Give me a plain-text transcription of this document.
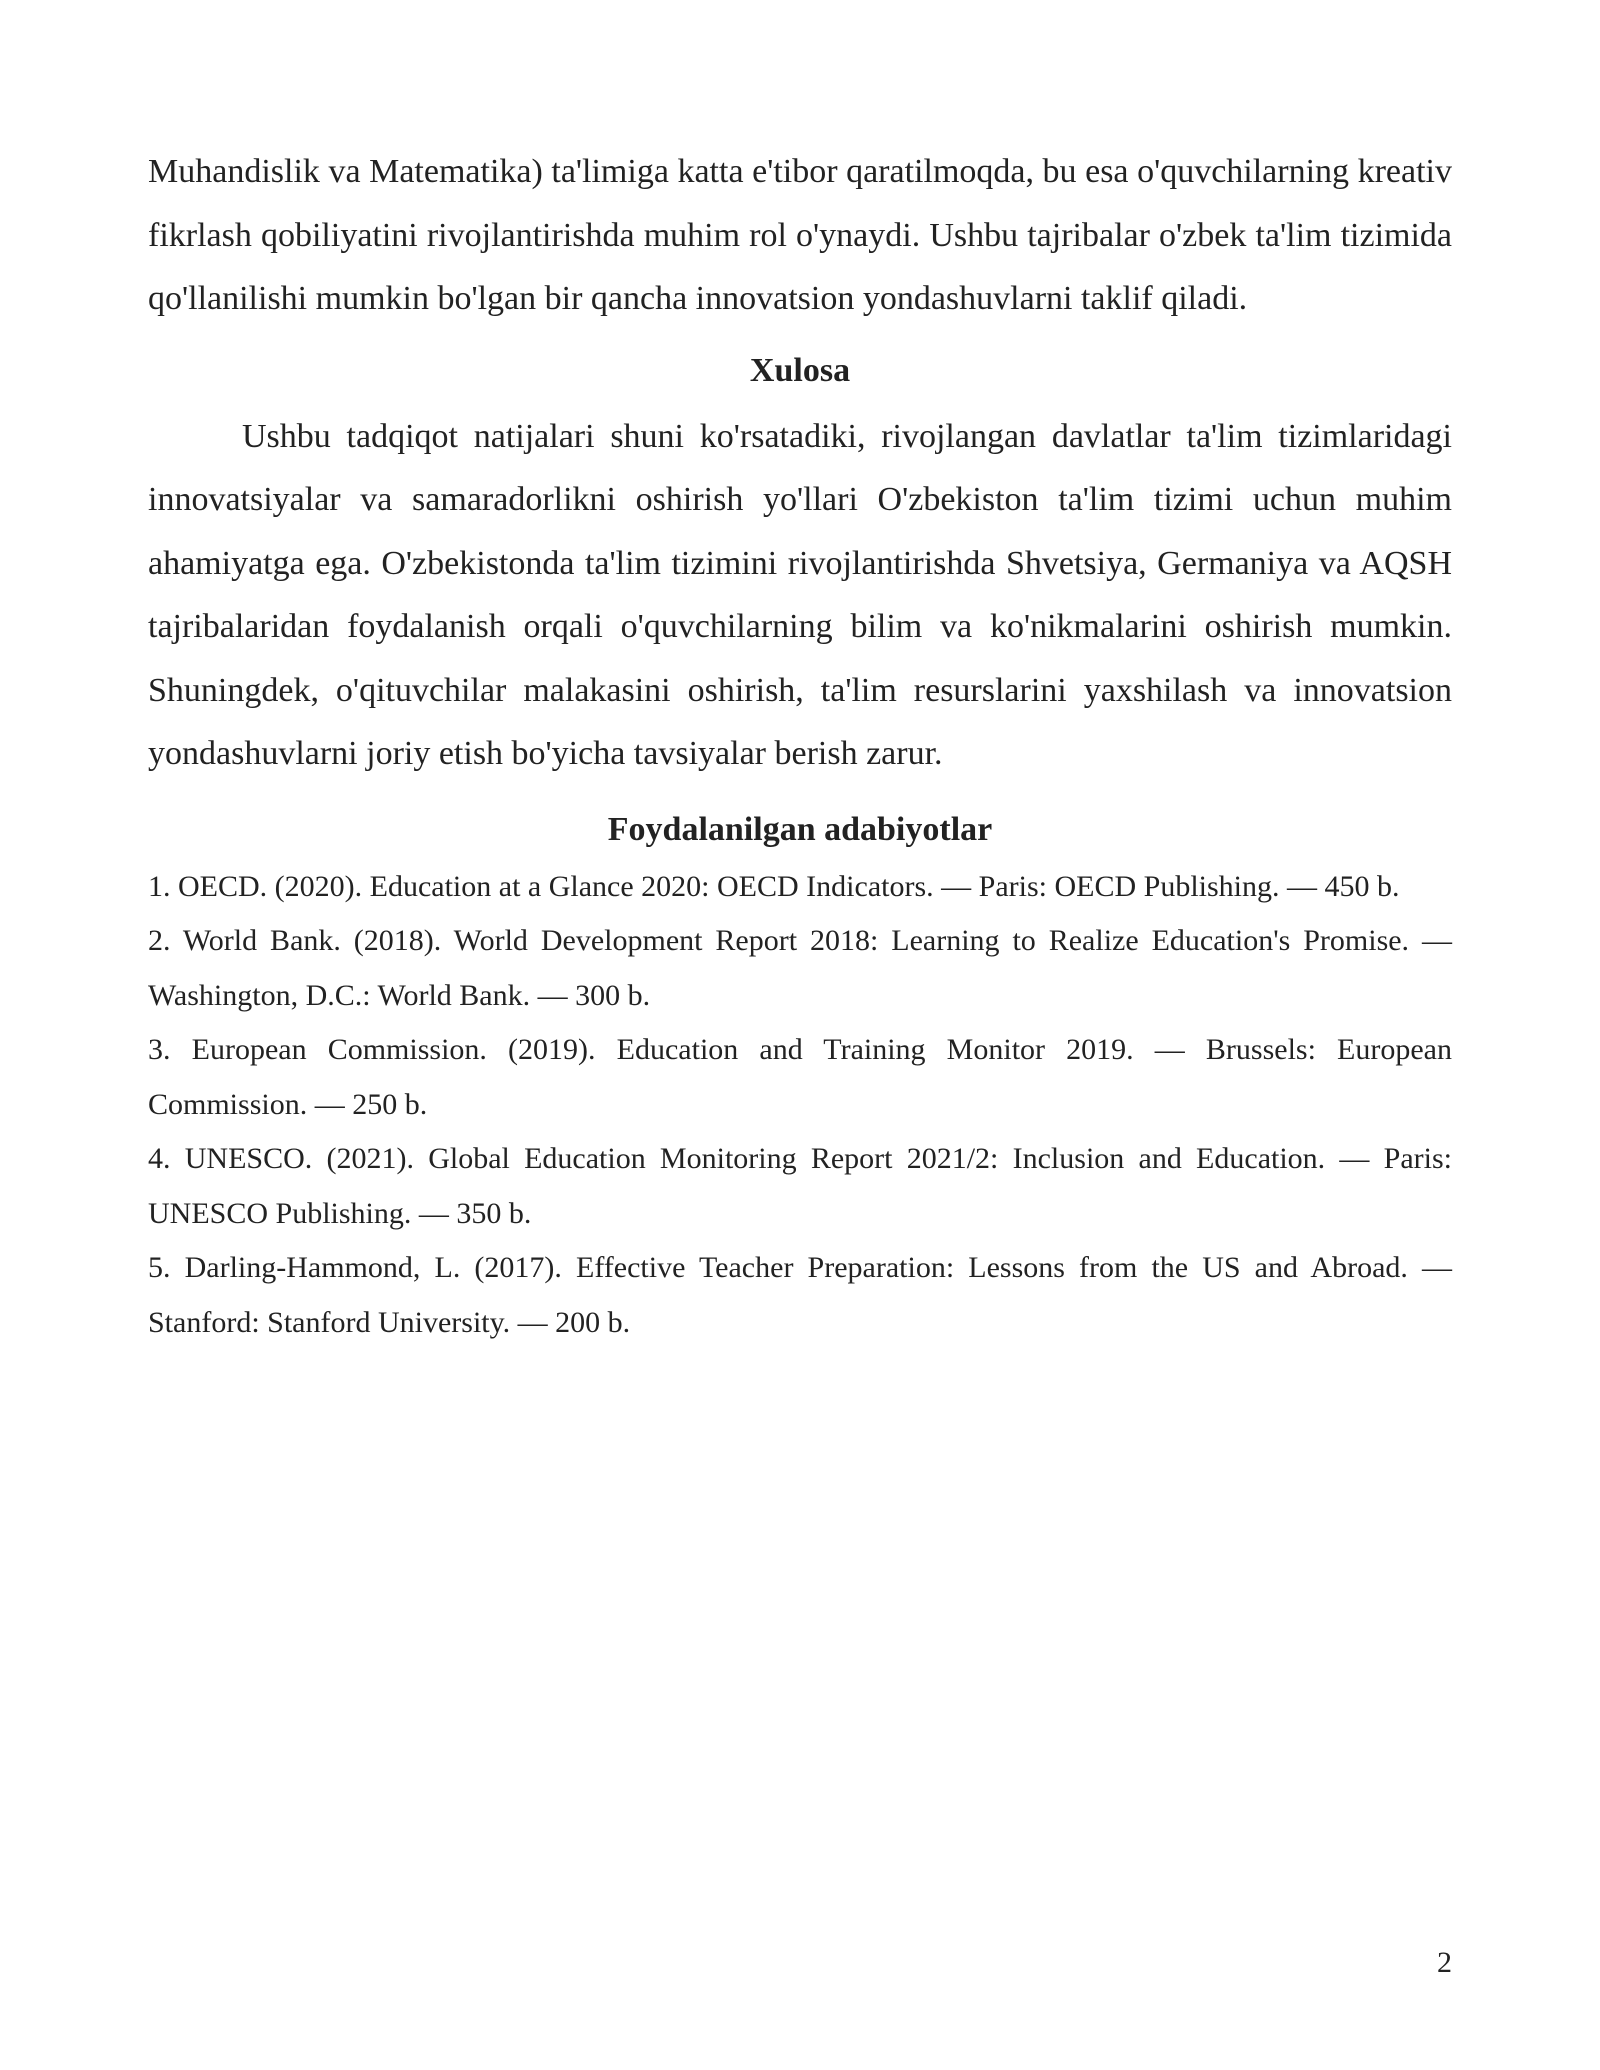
Muhandislik va Matematika) ta'limiga katta e'tibor qaratilmoqda, bu esa o'quvchilarning kreativ fikrlash qobiliyatini rivojlantirishda muhim rol o'ynaydi. Ushbu tajribalar o'zbek ta'lim tizimida qo'llanilishi mumkin bo'lgan bir qancha innovatsion yondashuvlarni taklif qiladi.

Xulosa

Ushbu tadqiqot natijalari shuni ko'rsatadiki, rivojlangan davlatlar ta'lim tizimlaridagi innovatsiyalar va samaradorlikni oshirish yo'llari O'zbekiston ta'lim tizimi uchun muhim ahamiyatga ega. O'zbekistonda ta'lim tizimini rivojlantirishda Shvetsiya, Germaniya va AQSH tajribalaridan foydalanish orqali o'quvchilarning bilim va ko'nikmalarini oshirish mumkin. Shuningdek, o'qituvchilar malakasini oshirish, ta'lim resurslarini yaxshilash va innovatsion yondashuvlarni joriy etish bo'yicha tavsiyalar berish zarur.

Foydalanilgan adabiyotlar
1. OECD. (2020). Education at a Glance 2020: OECD Indicators. — Paris: OECD Publishing. — 450 b.
2. World Bank. (2018). World Development Report 2018: Learning to Realize Education's Promise. — Washington, D.C.: World Bank. — 300 b.
3. European Commission. (2019). Education and Training Monitor 2019. — Brussels: European Commission. — 250 b.
4. UNESCO. (2021). Global Education Monitoring Report 2021/2: Inclusion and Education. — Paris: UNESCO Publishing. — 350 b.
5. Darling-Hammond, L. (2017). Effective Teacher Preparation: Lessons from the US and Abroad. — Stanford: Stanford University. — 200 b.
2
